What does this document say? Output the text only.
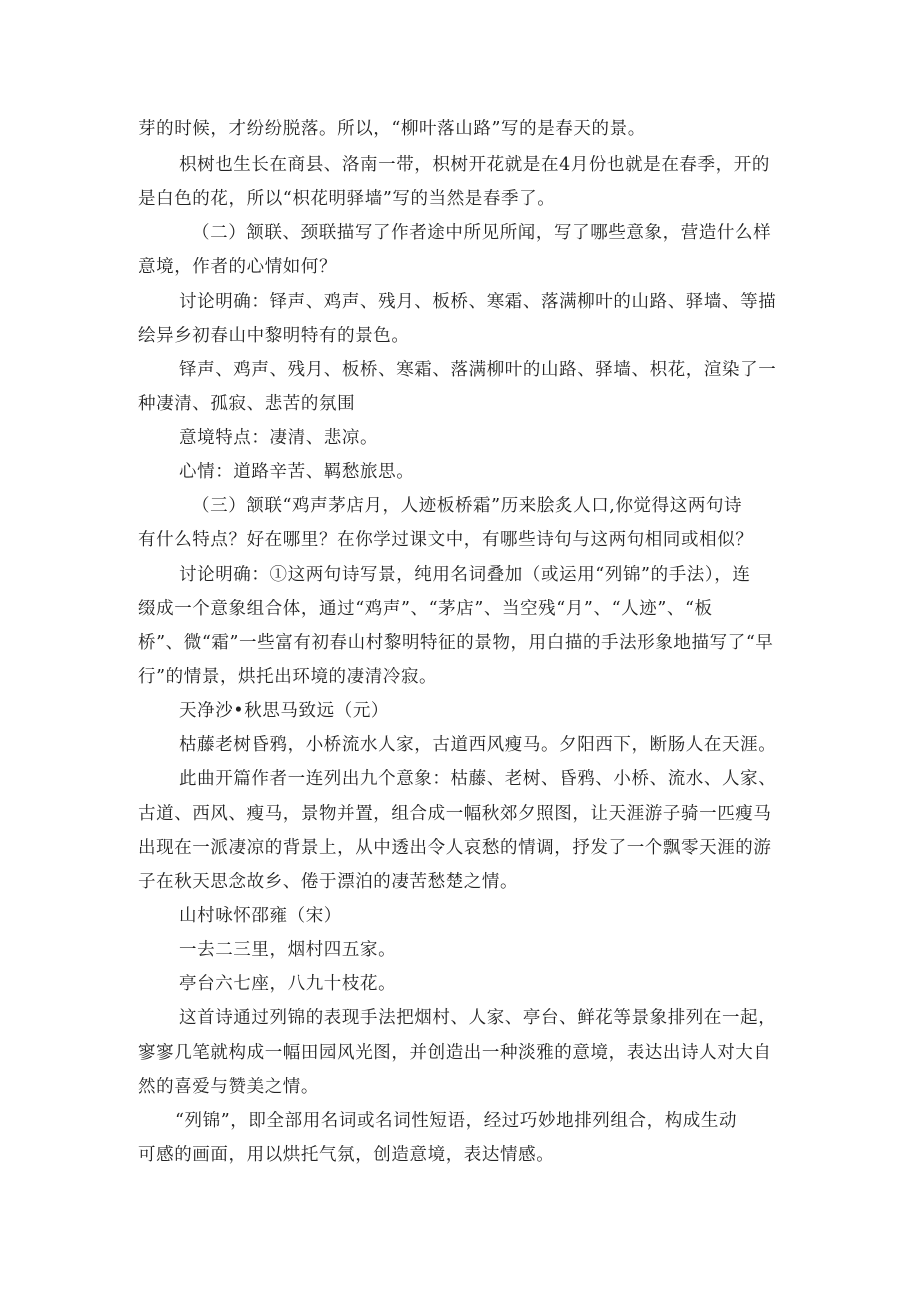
芽的时候，才纷纷脱落。所以，“柳叶落山路”写的是春天的景。
枳树也生长在商县、洛南一带，枳树开花就是在4月份也就是在春季，开的
是白色的花，所以“枳花明驿墙”写的当然是春季了。
（二）颔联、颈联描写了作者途中所见所闻，写了哪些意象，营造什么样
意境，作者的心情如何？
讨论明确：铎声、鸡声、残月、板桥、寒霜、落满柳叶的山路、驿墙、等描
绘异乡初春山中黎明特有的景色。
铎声、鸡声、残月、板桥、寒霜、落满柳叶的山路、驿墙、枳花，渲染了一
种凄清、孤寂、悲苦的氛围
意境特点：凄清、悲凉。
心情：道路辛苦、羁愁旅思。
（三）颔联“鸡声茅店月，人迹板桥霜”历来脍炙人口,你觉得这两句诗
有什么特点？好在哪里？在你学过课文中，有哪些诗句与这两句相同或相似？
讨论明确：①这两句诗写景，纯用名词叠加（或运用“列锦”的手法），连
缀成一个意象组合体，通过“鸡声”、“茅店”、当空残“月”、“人迹”、“板
桥”、微“霜”一些富有初春山村黎明特征的景物，用白描的手法形象地描写了“早
行”的情景，烘托出环境的凄清冷寂。
天净沙•秋思马致远（元）
枯藤老树昏鸦，小桥流水人家，古道西风瘦马。夕阳西下，断肠人在天涯。
此曲开篇作者一连列出九个意象：枯藤、老树、昏鸦、小桥、流水、人家、
古道、西风、瘦马，景物并置，组合成一幅秋郊夕照图，让天涯游子骑一匹瘦马
出现在一派凄凉的背景上，从中透出令人哀愁的情调，抒发了一个飘零天涯的游
子在秋天思念故乡、倦于漂泊的凄苦愁楚之情。
山村咏怀邵雍（宋）
一去二三里，烟村四五家。
亭台六七座，八九十枝花。
这首诗通过列锦的表现手法把烟村、人家、亭台、鲜花等景象排列在一起，
寥寥几笔就构成一幅田园风光图，并创造出一种淡雅的意境，表达出诗人对大自
然的喜爱与赞美之情。
“列锦”，即全部用名词或名词性短语，经过巧妙地排列组合，构成生动
可感的画面，用以烘托气氛，创造意境，表达情感。
